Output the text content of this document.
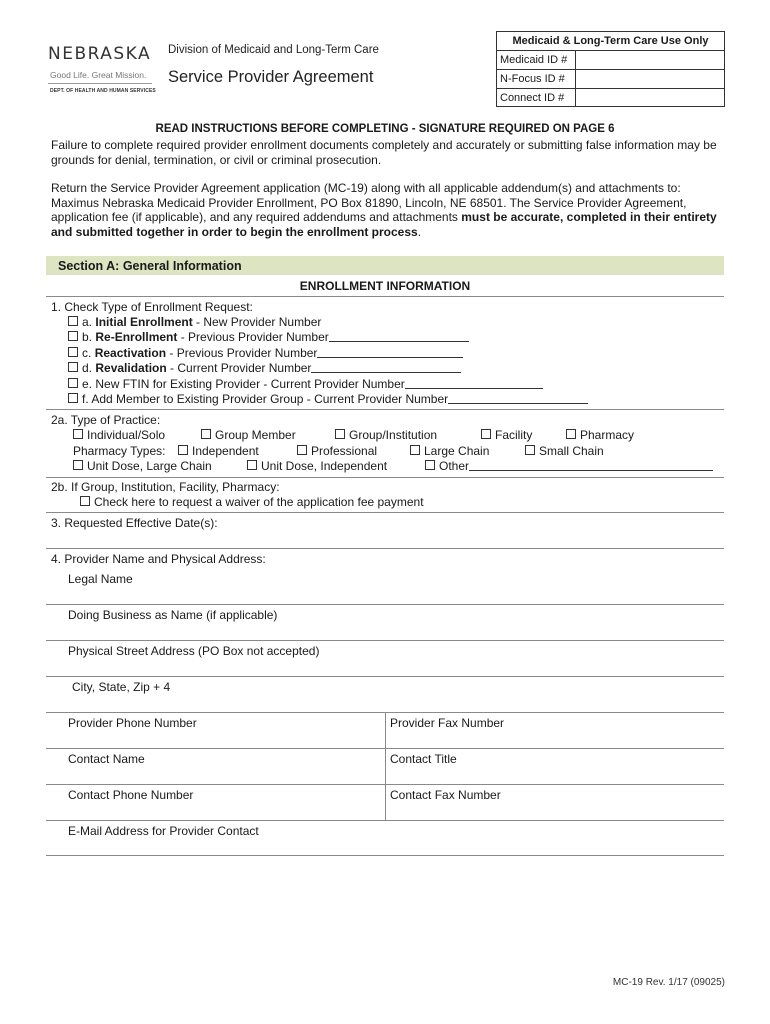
NEBRASKA
Good Life. Great Mission.
DEPT. OF HEALTH AND HUMAN SERVICES
Division of Medicaid and Long-Term Care
Service Provider Agreement
Medicaid & Long-Term Care Use Only
Medicaid ID #
N-Focus ID #
Connect ID #
READ INSTRUCTIONS BEFORE COMPLETING - SIGNATURE REQUIRED ON PAGE 6
Failure to complete required provider enrollment documents completely and accurately or submitting false information may be grounds for denial, termination, or civil or criminal prosecution.
Return the Service Provider Agreement application (MC-19) along with all applicable addendum(s) and attachments to: Maximus Nebraska Medicaid Provider Enrollment, PO Box 81890, Lincoln, NE 68501. The Service Provider Agreement, application fee (if applicable), and any required addendums and attachments must be accurate, completed in their entirety and submitted together in order to begin the enrollment process.
Section A: General Information
ENROLLMENT INFORMATION
1. Check Type of Enrollment Request:
a. Initial Enrollment - New Provider Number
b. Re-Enrollment - Previous Provider Number
c. Reactivation - Previous Provider Number
d. Revalidation - Current Provider Number
e. New FTIN for Existing Provider - Current Provider Number
f. Add Member to Existing Provider Group - Current Provider Number
2a. Type of Practice:
Individual/Solo	Group Member	Group/Institution	Facility	Pharmacy
Pharmacy Types:	Independent	Professional	Large Chain	Small Chain
Unit Dose, Large Chain	Unit Dose, Independent	Other
2b. If Group, Institution, Facility, Pharmacy:
Check here to request a waiver of the application fee payment
3. Requested Effective Date(s):
4. Provider Name and Physical Address:
Legal Name
Doing Business as Name (if applicable)
Physical Street Address (PO Box not accepted)
City, State, Zip + 4
Provider Phone Number	Provider Fax Number
Contact Name	Contact Title
Contact Phone Number	Contact Fax Number
E-Mail Address for Provider Contact
MC-19 Rev. 1/17 (09025)
